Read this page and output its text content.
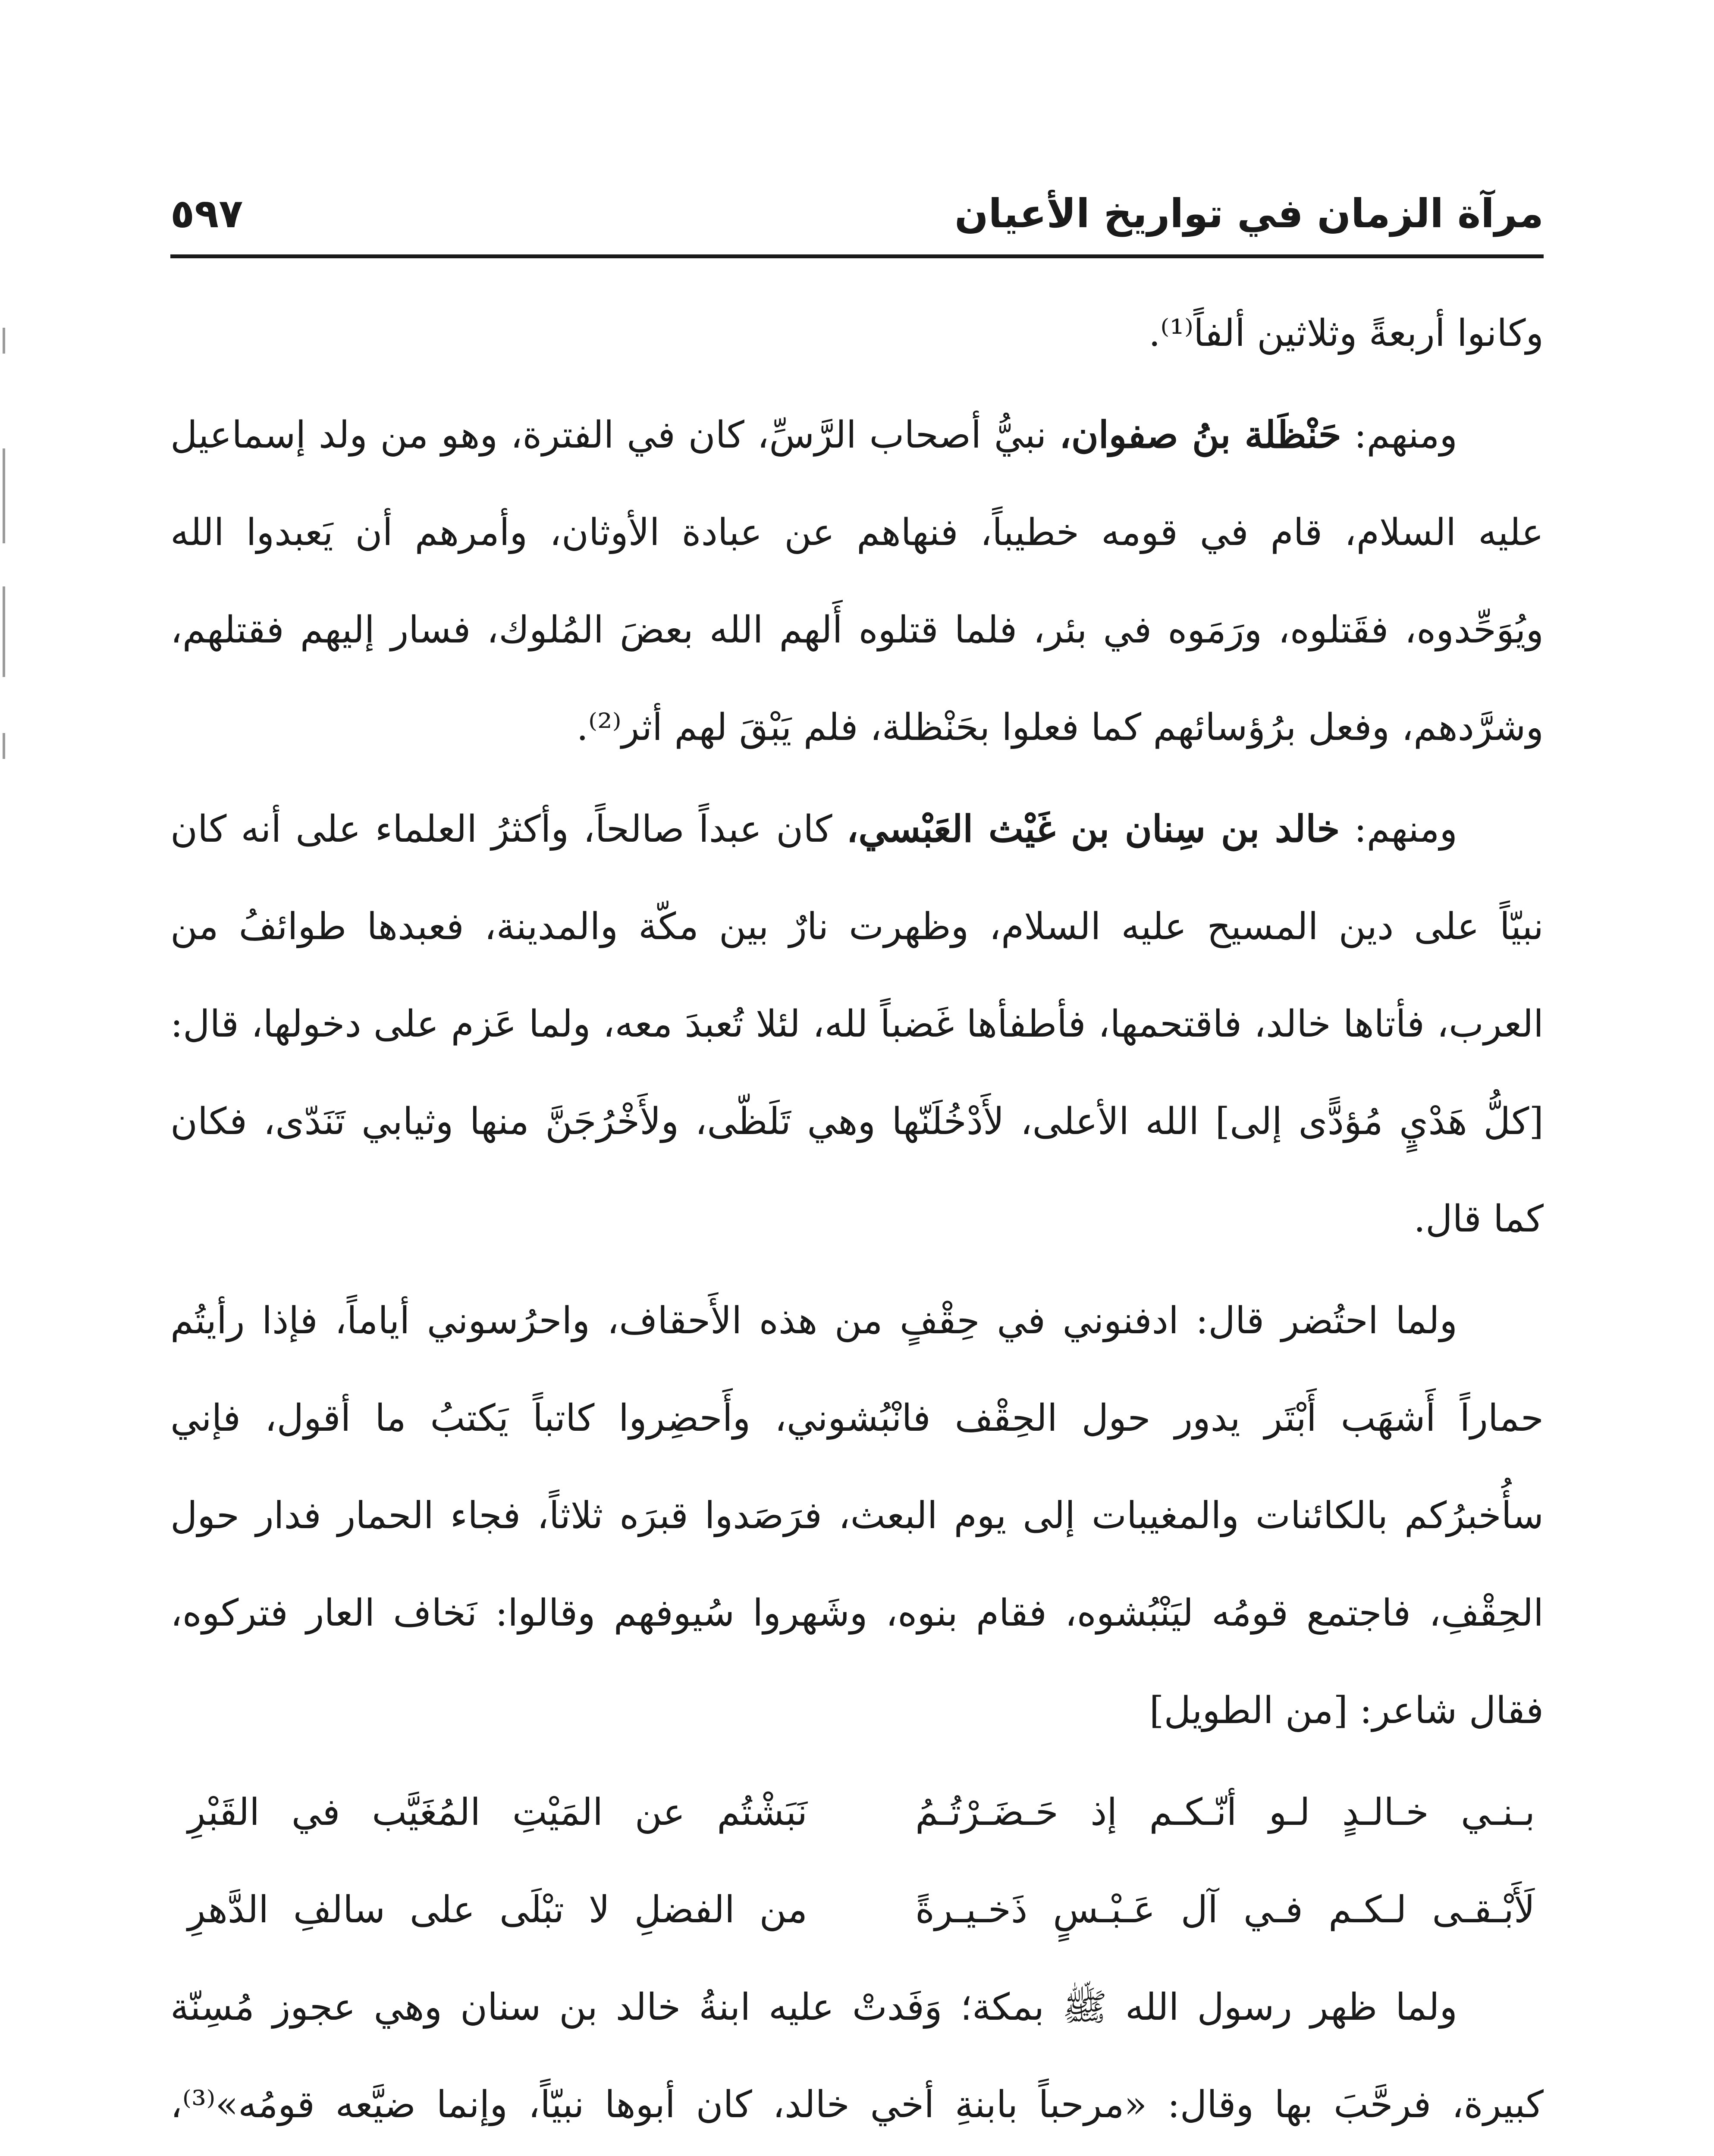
مرآة الزمان في تواريخ الأعيان
٥٩٧

وكانوا أربعةً وثلاثين ألفاً⁽¹⁾.

ومنهم: حَنْظَلة بنُ صفوان، نبيُّ أصحاب الرَّسِّ، كان في الفترة، وهو من ولد إسماعيل عليه السلام، قام في قومه خطيباً، فنهاهم عن عبادة الأوثان، وأمرهم أن يَعبدوا الله ويُوَحِّدوه، فقَتلوه، ورَمَوه في بئر، فلما قتلوه أَلهم الله بعضَ المُلوك، فسار إليهم فقتلهم، وشرَّدهم، وفعل برُؤسائهم كما فعلوا بحَنْظلة، فلم يَبْقَ لهم أثر⁽²⁾.

ومنهم: خالد بن سِنان بن غَيْث العَبْسي، كان عبداً صالحاً، وأكثرُ العلماء على أنه كان نبيّاً على دين المسيح عليه السلام، وظهرت نارٌ بين مكّة والمدينة، فعبدها طوائفُ من العرب، فأتاها خالد، فاقتحمها، فأطفأها غَضباً لله، لئلا تُعبدَ معه، ولما عَزم على دخولها، قال: [كلُّ هَدْيٍ مُؤدًّى إلى] الله الأعلى، لأَدْخُلَنّها وهي تَلَظّى، ولأَخْرُجَنَّ منها وثيابي تَنَدّى، فكان كما قال.

ولما احتُضر قال: ادفنوني في حِقْفٍ من هذه الأَحقاف، واحرُسوني أياماً، فإذا رأيتُم حماراً أَشهَب أَبْتَر يدور حول الحِقْف فانْبُشوني، وأَحضِروا كاتباً يَكتبُ ما أقول، فإني سأُخبرُكم بالكائنات والمغيبات إلى يوم البعث، فرَصَدوا قبرَه ثلاثاً، فجاء الحمار فدار حول الحِقْفِ، فاجتمع قومُه ليَنْبُشوه، فقام بنوه، وشَهروا سُيوفهم وقالوا: نَخاف العار فتركوه، فقال شاعر: [من الطويل]

بـنـي خـالـدٍ لـو أنّـكـم إذ حَـضَـرْتُـمُ
نَبَشْتُم عن المَيْتِ المُغَيَّب في القَبْرِ
لَأَبْـقـى لـكـم فـي آل عَـبْـسٍ ذَخـيـرةً
من الفضلِ لا تبْلَى على سالفِ الدَّهرِ

ولما ظهر رسول الله ﷺ بمكة؛ وَفَدتْ عليه ابنةُ خالد بن سنان وهي عجوز مُسِنّة كبيرة، فرحَّبَ بها وقال: «مرحباً بابنةِ أخي خالد، كان أبوها نبيّاً، وإنما ضيَّعه قومُه»⁽³⁾،
